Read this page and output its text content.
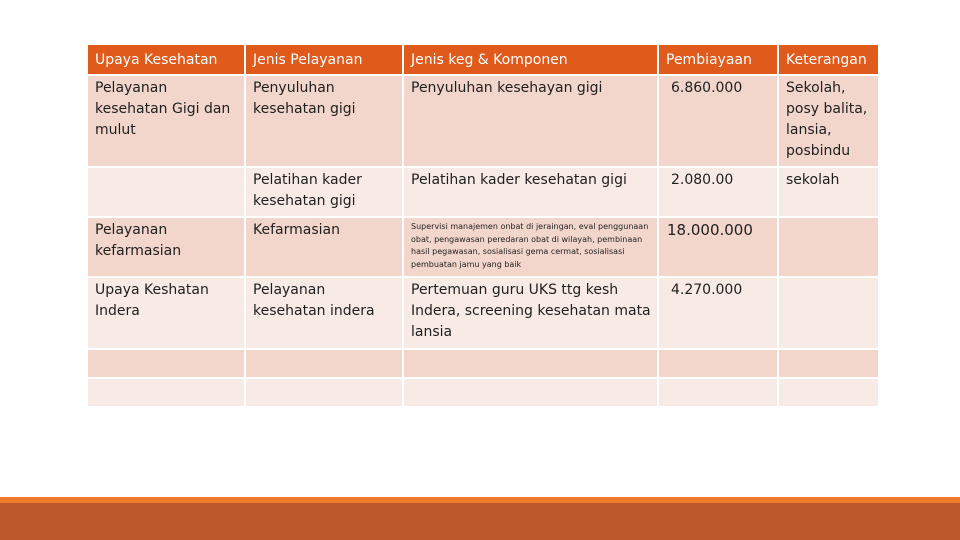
Upaya Kesehatan	Jenis Pelayanan	Jenis keg & Komponen	Pembiayaan	Keterangan
Pelayanan kesehatan Gigi dan mulut	Penyuluhan kesehatan gigi	Penyuluhan kesehayan gigi	6.860.000	Sekolah, posy balita, lansia, posbindu
	Pelatihan kader kesehatan gigi	Pelatihan kader kesehatan gigi	2.080.00	sekolah
Pelayanan kefarmasian	Kefarmasian	Supervisi manajemen onbat di jeraingan, eval penggunaan obat, pengawasan peredaran obat di wilayah, pembinaan hasil pegawasan, sosialisasi gema cermat, sosialisasi pembuatan jamu yang baik	18.000.000	
Upaya Keshatan Indera	Pelayanan kesehatan indera	Pertemuan guru UKS ttg kesh Indera, screening kesehatan mata lansia	4.270.000	
